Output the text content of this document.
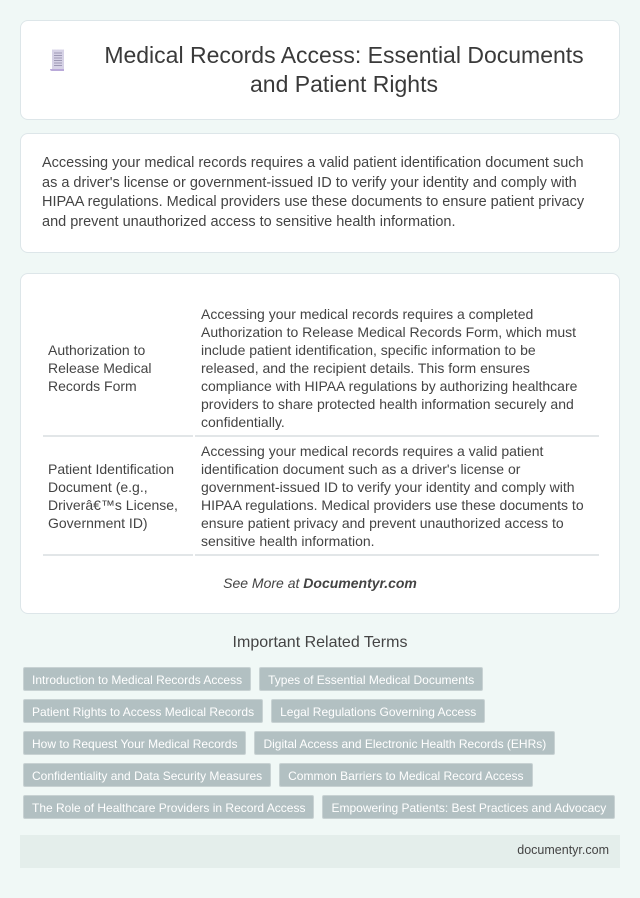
Medical Records Access: Essential Documents and Patient Rights

Accessing your medical records requires a valid patient identification document such as a driver's license or government-issued ID to verify your identity and comply with HIPAA regulations. Medical providers use these documents to ensure patient privacy and prevent unauthorized access to sensitive health information.

Authorization to Release Medical Records Form		Accessing your medical records requires a completed Authorization to Release Medical Records Form, which must include patient identification, specific information to be released, and the recipient details. This form ensures compliance with HIPAA regulations by authorizing healthcare providers to share protected health information securely and confidentially.
Patient Identification Document (e.g., Driverâ€™s License, Government ID)		Accessing your medical records requires a valid patient identification document such as a driver's license or government-issued ID to verify your identity and comply with HIPAA regulations. Medical providers use these documents to ensure patient privacy and prevent unauthorized access to sensitive health information.
See More at Documentyr.com
Important Related Terms
Introduction to Medical Records Access	Types of Essential Medical Documents
Patient Rights to Access Medical Records	Legal Regulations Governing Access
How to Request Your Medical Records	Digital Access and Electronic Health Records (EHRs)
Confidentiality and Data Security Measures	Common Barriers to Medical Record Access
The Role of Healthcare Providers in Record Access	Empowering Patients: Best Practices and Advocacy
documentyr.com
